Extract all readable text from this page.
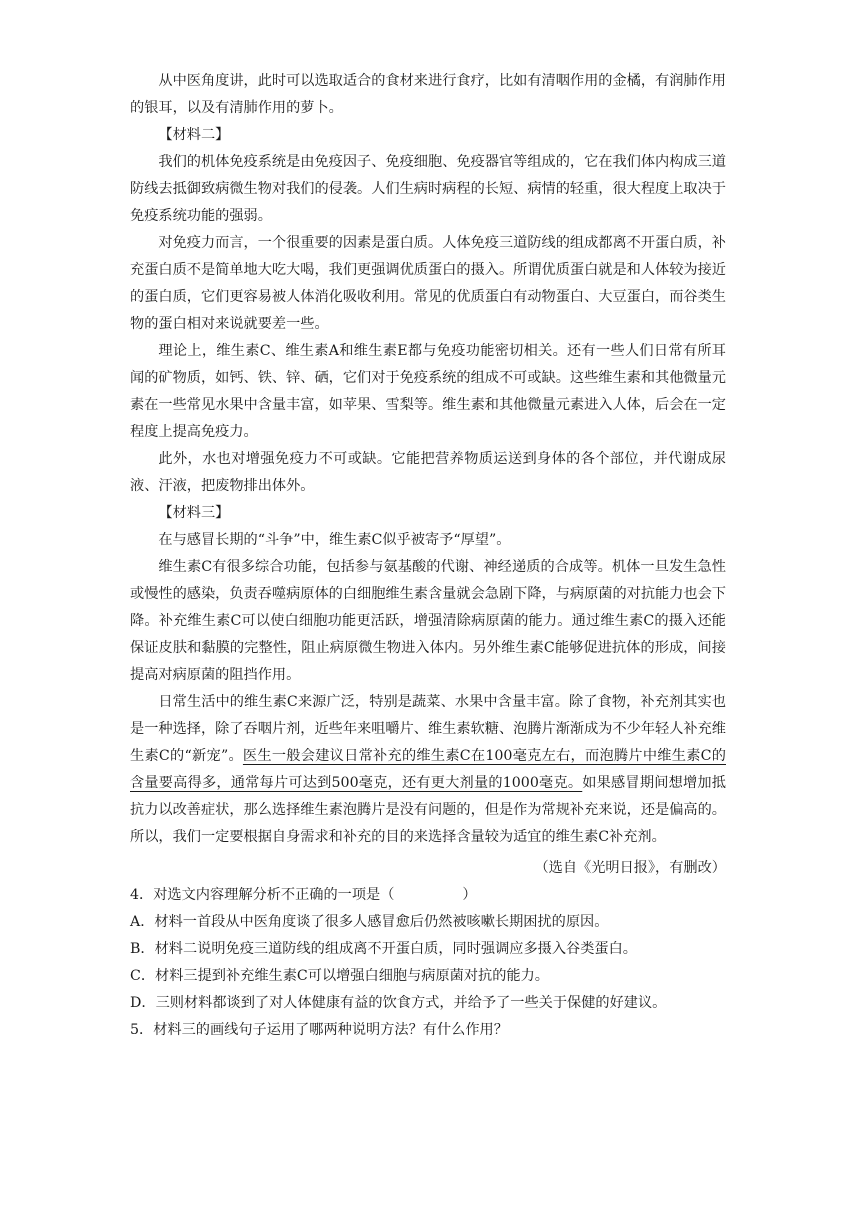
从中医角度讲，此时可以选取适合的食材来进行食疗，比如有清咽作用的金橘，有润肺作用的银耳，以及有清肺作用的萝卜。

【材料二】

我们的机体免疫系统是由免疫因子、免疫细胞、免疫器官等组成的，它在我们体内构成三道防线去抵御致病微生物对我们的侵袭。人们生病时病程的长短、病情的轻重，很大程度上取决于免疫系统功能的强弱。

对免疫力而言，一个很重要的因素是蛋白质。人体免疫三道防线的组成都离不开蛋白质，补充蛋白质不是简单地大吃大喝，我们更强调优质蛋白的摄入。所谓优质蛋白就是和人体较为接近的蛋白质，它们更容易被人体消化吸收利用。常见的优质蛋白有动物蛋白、大豆蛋白，而谷类生物的蛋白相对来说就要差一些。

理论上，维生素C、维生素A和维生素E都与免疫功能密切相关。还有一些人们日常有所耳闻的矿物质，如钙、铁、锌、硒，它们对于免疫系统的组成不可或缺。这些维生素和其他微量元素在一些常见水果中含量丰富，如苹果、雪梨等。维生素和其他微量元素进入人体，后会在一定程度上提高免疫力。

此外，水也对增强免疫力不可或缺。它能把营养物质运送到身体的各个部位，并代谢成尿液、汗液，把废物排出体外。

【材料三】

在与感冒长期的“斗争”中，维生素C似乎被寄予“厚望”。

维生素C有很多综合功能，包括参与氨基酸的代谢、神经递质的合成等。机体一旦发生急性或慢性的感染，负责吞噬病原体的白细胞维生素含量就会急剧下降，与病原菌的对抗能力也会下降。补充维生素C可以使白细胞功能更活跃，增强清除病原菌的能力。通过维生素C的摄入还能保证皮肤和黏膜的完整性，阻止病原微生物进入体内。另外维生素C能够促进抗体的形成，间接提高对病原菌的阻挡作用。

日常生活中的维生素C来源广泛，特别是蔬菜、水果中含量丰富。除了食物，补充剂其实也是一种选择，除了吞咽片剂，近些年来咀嚼片、维生素软糖、泡腾片渐渐成为不少年轻人补充维生素C的“新宠”。医生一般会建议日常补充的维生素C在100毫克左右，而泡腾片中维生素C的含量要高得多，通常每片可达到500毫克，还有更大剂量的1000毫克。如果感冒期间想增加抵抗力以改善症状，那么选择维生素泡腾片是没有问题的，但是作为常规补充来说，还是偏高的。所以，我们一定要根据自身需求和补充的目的来选择含量较为适宜的维生素C补充剂。

（选自《光明日报》，有删改）

4．对选文内容理解分析不正确的一项是（	）

A．材料一首段从中医角度谈了很多人感冒愈后仍然被咳嗽长期困扰的原因。

B．材料二说明免疫三道防线的组成离不开蛋白质，同时强调应多摄入谷类蛋白。

C．材料三提到补充维生素C可以增强白细胞与病原菌对抗的能力。

D．三则材料都谈到了对人体健康有益的饮食方式，并给予了一些关于保健的好建议。

5．材料三的画线句子运用了哪两种说明方法？有什么作用？
